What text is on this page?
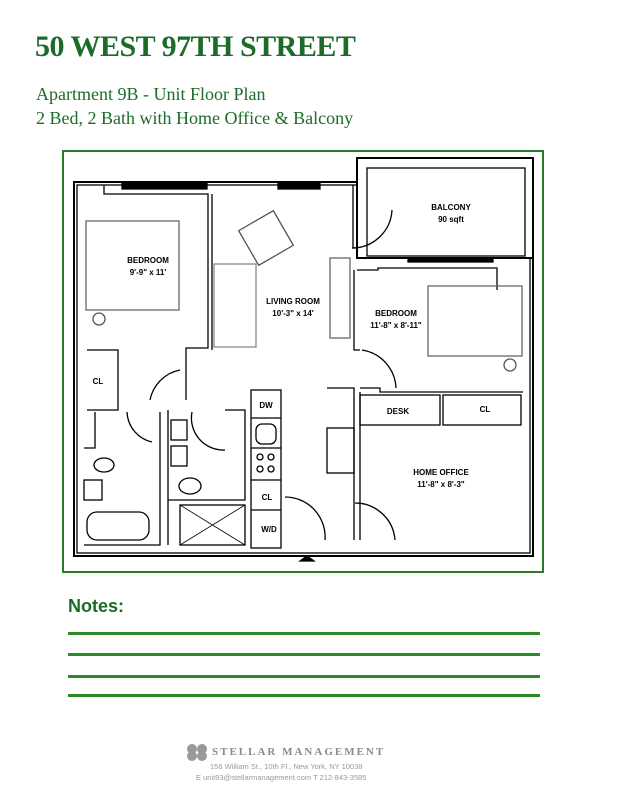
50 WEST 97TH STREET
Apartment 9B - Unit Floor Plan
2 Bed, 2 Bath with Home Office & Balcony
BALCONY
90 sqft
BEDROOM
9'-9" x 11'
LIVING ROOM
10'-3" x 14'	BEDROOM
11'-8" x 8'-11"
HOME OFFICE
11'-8" x 8'-3"
CL
CL
CL
DESK
DW
W/D
Notes:
STELLAR MANAGEMENT
156 William St., 10th Fl., New York, NY 10038
E unit93@stellarmanagement.com T 212-843-3585
